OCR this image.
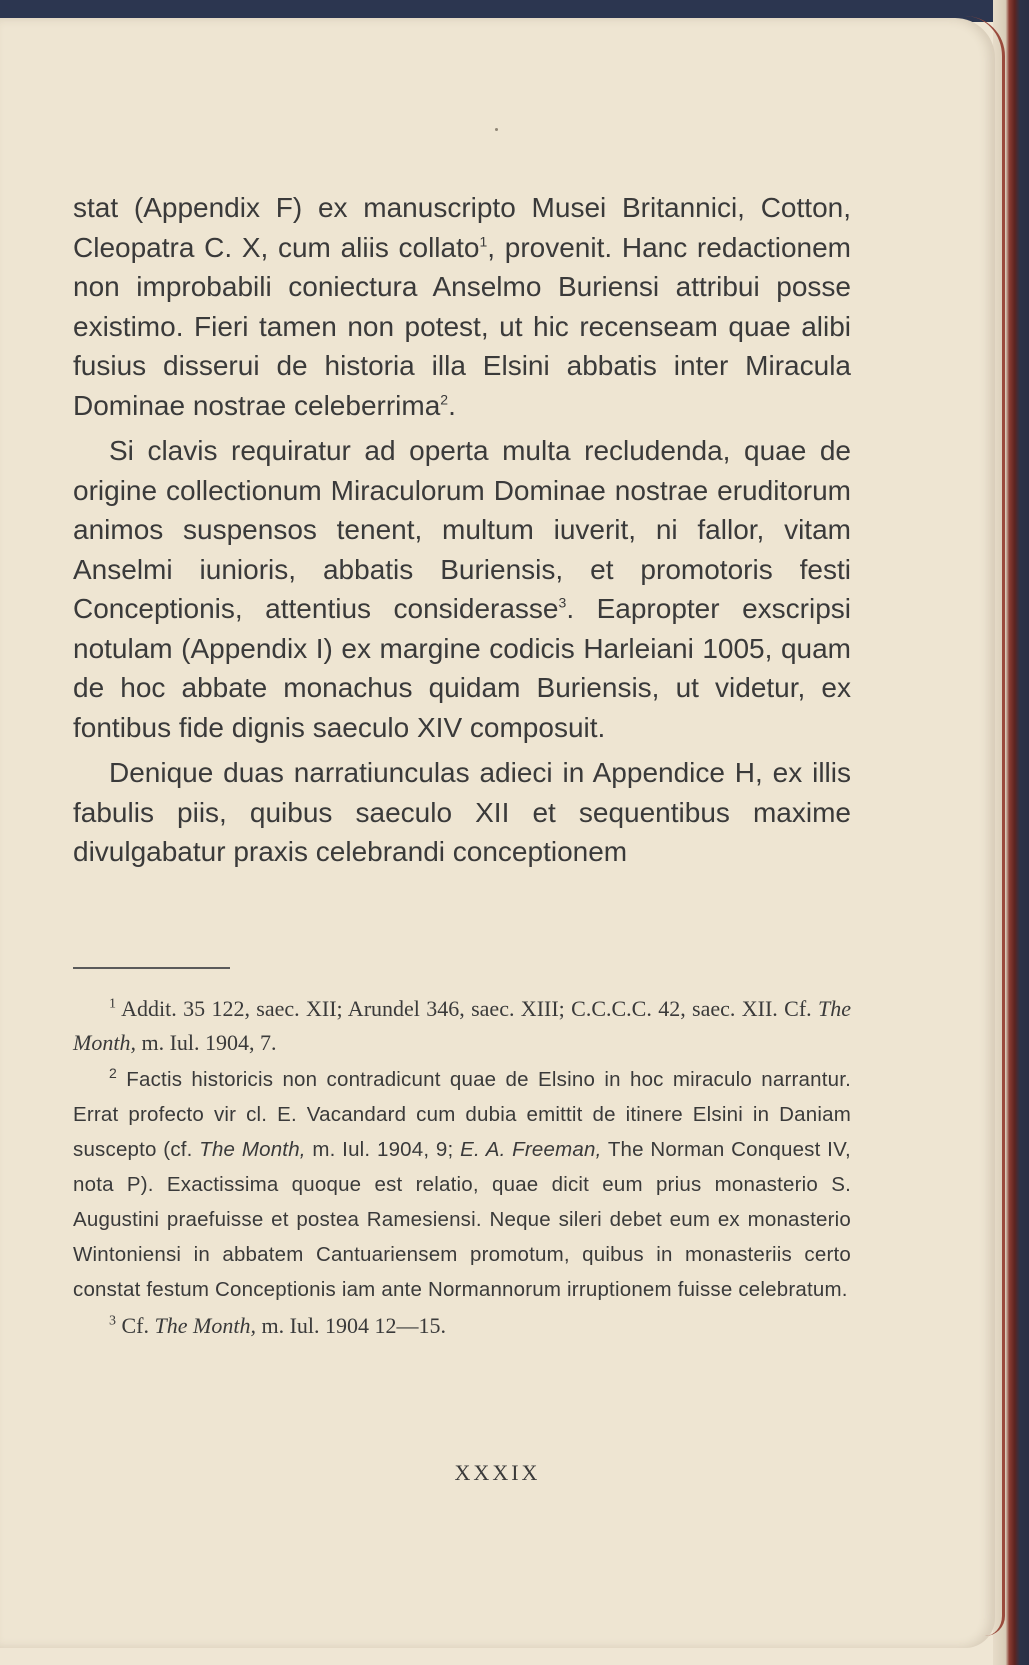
stat (Appendix F) ex manuscripto Musei Britannici, Cotton, Cleopatra C. X, cum aliis collato$^1$, provenit. Hanc redactionem non improbabili coniectura Anselmo Buriensi attribui posse existimo. Fieri tamen non potest, ut hic recenseam quae alibi fusius disserui de historia illa Elsini abbatis inter Miracula Dominae nostrae celeberrima$^2$.

Si clavis requiratur ad operta multa recludenda, quae de origine collectionum Miraculorum Dominae nostrae eruditorum animos suspensos tenent, multum iuverit, ni fallor, vitam Anselmi iunioris, abbatis Buriensis, et promotoris festi Conceptionis, attentius considerasse$^3$. Eapropter exscripsi notulam (Appendix I) ex margine codicis Harleiani 1005, quam de hoc abbate monachus quidam Buriensis, ut videtur, ex fontibus fide dignis saeculo XIV composuit.

Denique duas narratiunculas adieci in Appendice H, ex illis fabulis piis, quibus saeculo XII et sequentibus maxime divulgabatur praxis celebrandi conceptionem

$^1$ Addit. 35 122, saec. XII; Arundel 346, saec. XIII; C.C.C.C. 42, saec. XII. Cf. The Month, m. Iul. 1904, 7.

$^2$ Factis historicis non contradicunt quae de Elsino in hoc miraculo narrantur. Errat profecto vir cl. E. Vacandard cum dubia emittit de itinere Elsini in Daniam suscepto (cf. The Month, m. Iul. 1904, 9; E. A. Freeman, The Norman Conquest IV, nota P). Exactissima quoque est relatio, quae dicit eum prius monasterio S. Augustini praefuisse et postea Ramesiensi. Neque sileri debet eum ex monasterio Wintoniensi in abbatem Cantuariensem promotum, quibus in monasteriis certo constat festum Conceptionis iam ante Normannorum irruptionem fuisse celebratum.

$^3$ Cf. The Month, m. Iul. 1904 12—15.

XXXIX
